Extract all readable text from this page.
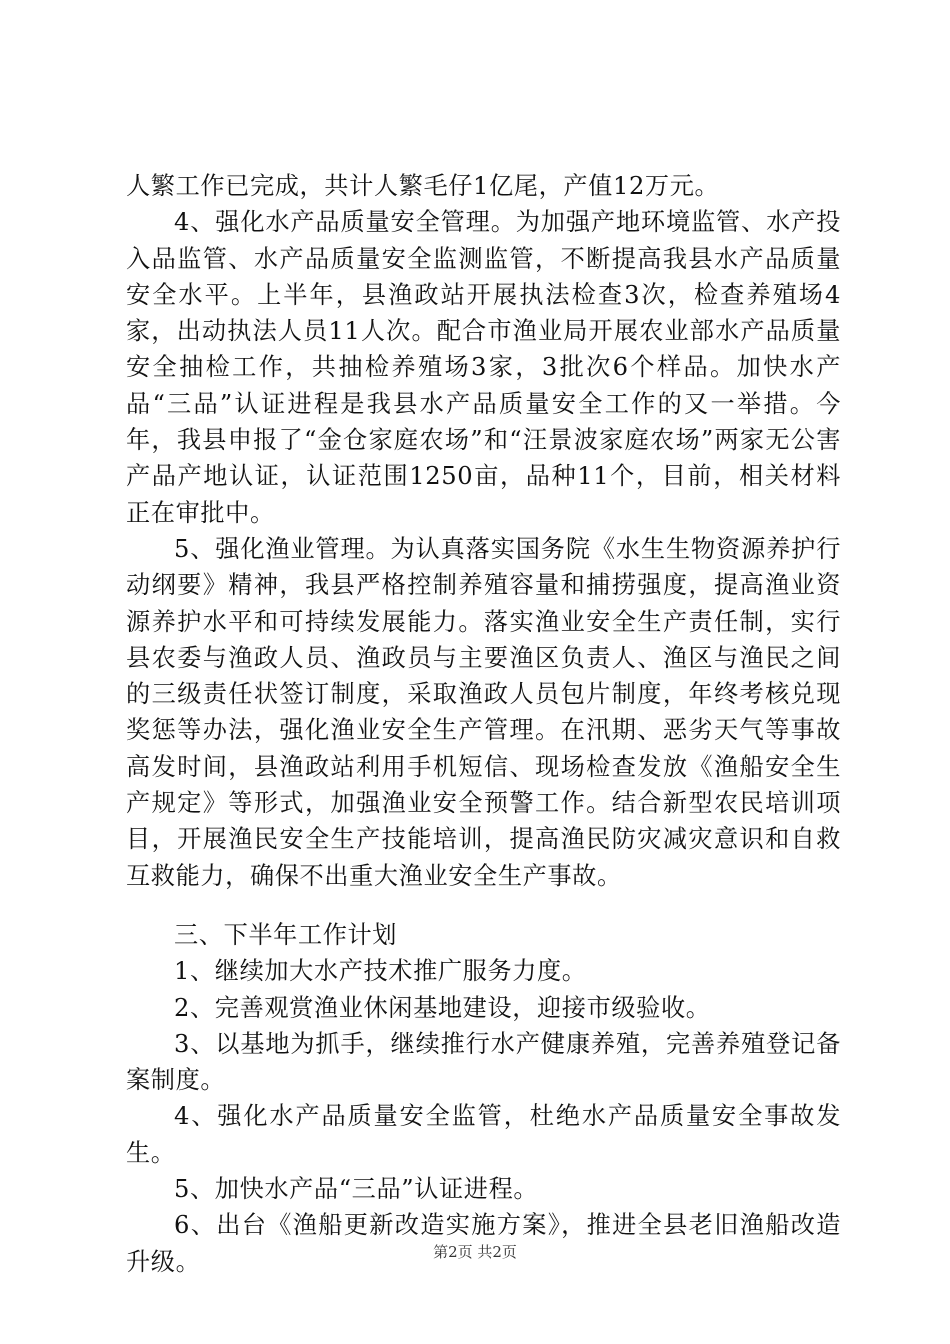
人繁工作已完成，共计人繁毛仔1亿尾，产值12万元。

4、强化水产品质量安全管理。为加强产地环境监管、水产投入品监管、水产品质量安全监测监管，不断提高我县水产品质量安全水平。上半年，县渔政站开展执法检查3次，检查养殖场4家，出动执法人员11人次。配合市渔业局开展农业部水产品质量安全抽检工作，共抽检养殖场3家，3批次6个样品。加快水产品“三品”认证进程是我县水产品质量安全工作的又一举措。今年，我县申报了“金仓家庭农场”和“汪景波家庭农场”两家无公害产品产地认证，认证范围1250亩，品种11个，目前，相关材料正在审批中。

5、强化渔业管理。为认真落实国务院《水生生物资源养护行动纲要》精神，我县严格控制养殖容量和捕捞强度，提高渔业资源养护水平和可持续发展能力。落实渔业安全生产责任制，实行县农委与渔政人员、渔政员与主要渔区负责人、渔区与渔民之间的三级责任状签订制度，采取渔政人员包片制度，年终考核兑现奖惩等办法，强化渔业安全生产管理。在汛期、恶劣天气等事故高发时间，县渔政站利用手机短信、现场检查发放《渔船安全生产规定》等形式，加强渔业安全预警工作。结合新型农民培训项目，开展渔民安全生产技能培训，提高渔民防灾减灾意识和自救互救能力，确保不出重大渔业安全生产事故。

三、下半年工作计划

1、继续加大水产技术推广服务力度。

2、完善观赏渔业休闲基地建设，迎接市级验收。

3、以基地为抓手，继续推行水产健康养殖，完善养殖登记备案制度。

4、强化水产品质量安全监管，杜绝水产品质量安全事故发生。

5、加快水产品“三品”认证进程。

6、出台《渔船更新改造实施方案》，推进全县老旧渔船改造升级。	第2页 共2页
